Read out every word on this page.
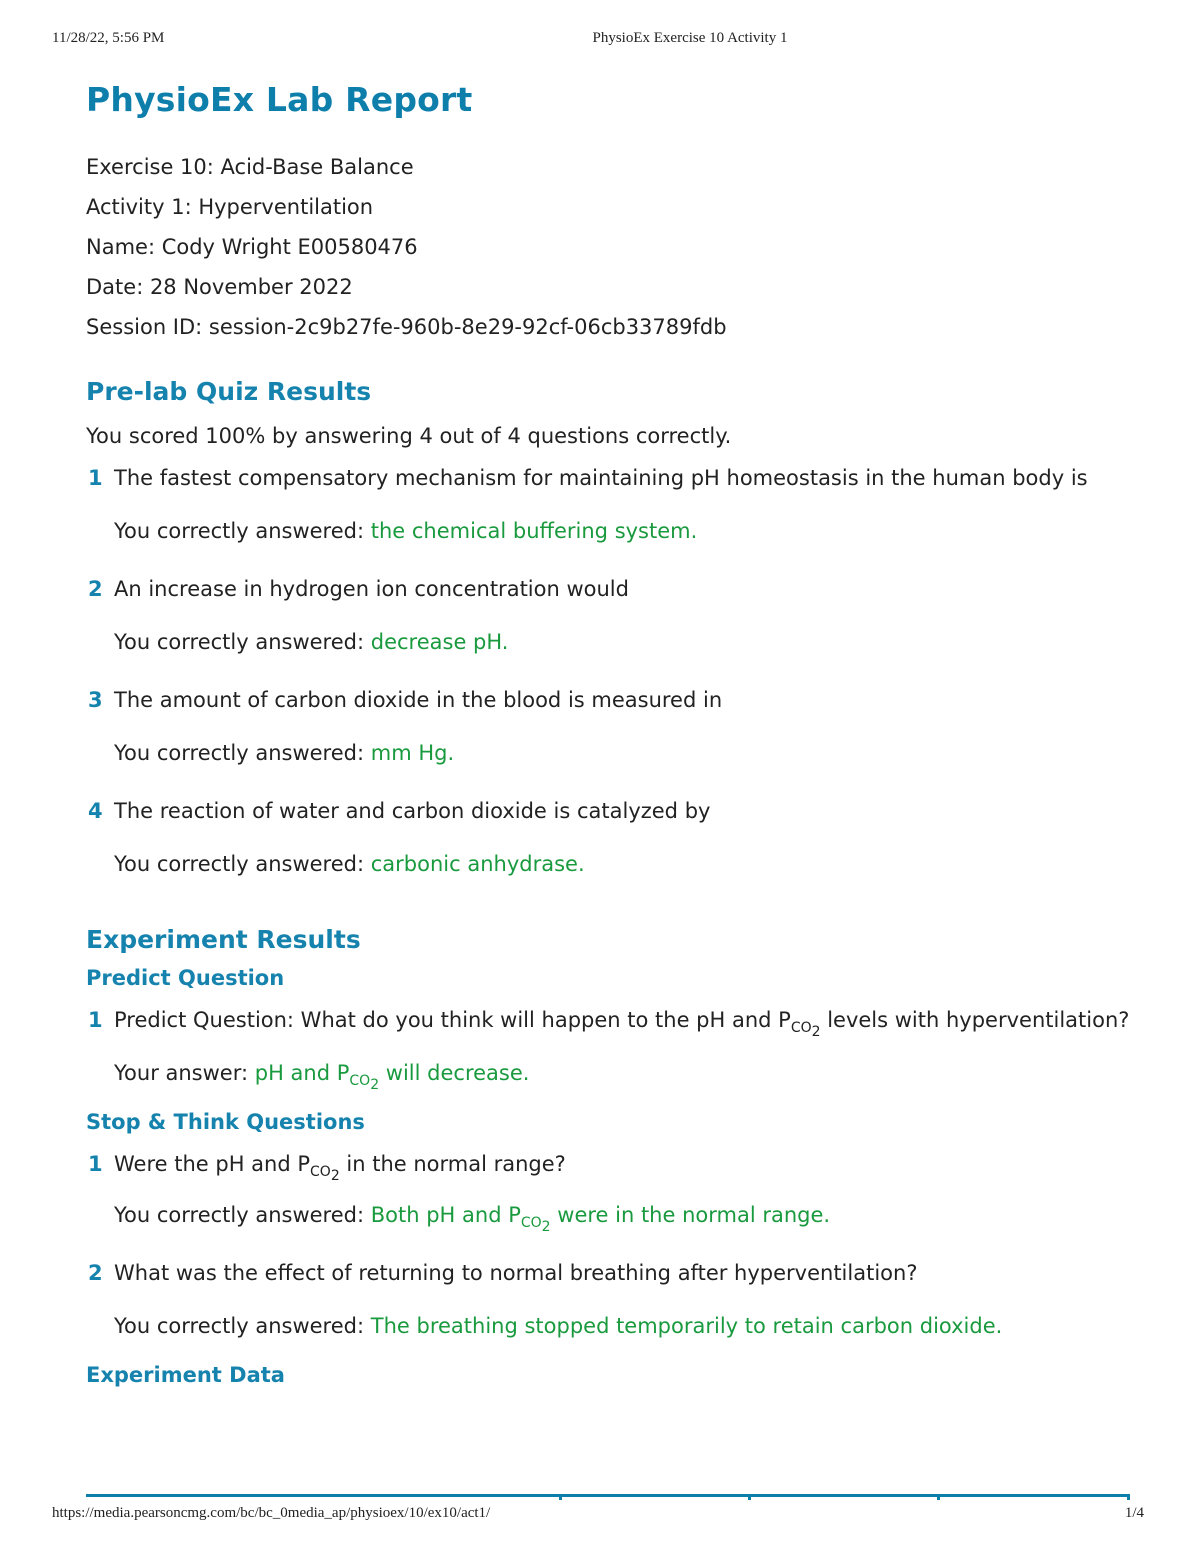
11/28/22, 5:56 PM	PhysioEx Exercise 10 Activity 1
PhysioEx Lab Report
Exercise 10: Acid-Base Balance
Activity 1: Hyperventilation
Name: Cody Wright E00580476
Date: 28 November 2022
Session ID: session-2c9b27fe-960b-8e29-92cf-06cb33789fdb
Pre-lab Quiz Results
You scored 100% by answering 4 out of 4 questions correctly.
1 The fastest compensatory mechanism for maintaining pH homeostasis in the human body is
You correctly answered: the chemical buffering system.
2 An increase in hydrogen ion concentration would
You correctly answered: decrease pH.
3 The amount of carbon dioxide in the blood is measured in
You correctly answered: mm Hg.
4 The reaction of water and carbon dioxide is catalyzed by
You correctly answered: carbonic anhydrase.
Experiment Results
Predict Question
1 Predict Question: What do you think will happen to the pH and $P_{CO_2}$ levels with hyperventilation?
Your answer: pH and $P_{CO_2}$ will decrease.
Stop & Think Questions
1 Were the pH and $P_{CO_2}$ in the normal range?
You correctly answered: Both pH and $P_{CO_2}$ were in the normal range.
2 What was the effect of returning to normal breathing after hyperventilation?
You correctly answered: The breathing stopped temporarily to retain carbon dioxide.
Experiment Data
https://media.pearsoncmg.com/bc/bc_0media_ap/physioex/10/ex10/act1/	1/4
